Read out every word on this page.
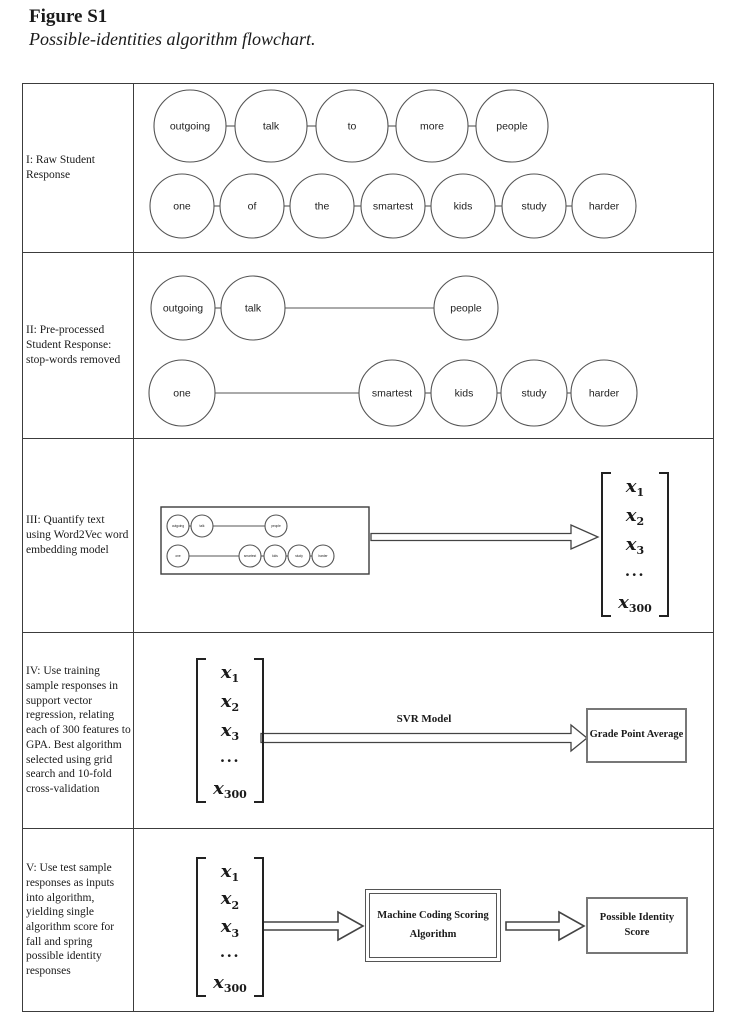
Figure S1
Possible-identities algorithm flowchart.
I: Raw Student Response
outgoing	talk	to	more	people
one	of	the	smartest	kids	study	harder
II: Pre-processed Student Response: stop-words removed
outgoing	talk	people
one	smartest	kids	study	harder
III: Quantify text using Word2Vec word embedding model
outgoing	talk	people
one	smartest	kids	study	harder
x 1
x 2
x 3
...
x 300
IV: Use training sample responses in support vector regression, relating each of 300 features to GPA. Best algorithm selected using grid search and 10-fold cross-validation
x 1
x 2
x 3
...
x 300
SVR Model
Grade Point Average
V: Use test sample responses as inputs into algorithm, yielding single algorithm score for fall and spring possible identity responses
x 1
x 2
x 3
...
x 300
Machine Coding Scoring
Algorithm
Possible Identity
Score
